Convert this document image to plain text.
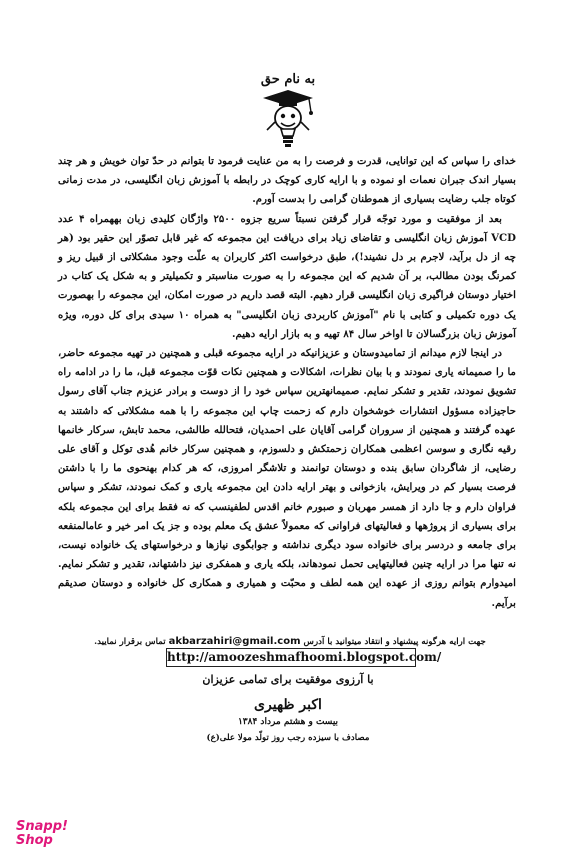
به نام حق

خدای را سپاس که این توانایی، قدرت و فرصت را به من عنایت فرمود تا بتوانم در حدّ توان خویش و هر چند بسیار اندک جبران نعمات او نموده و با ارایه کاری کوچک در رابطه با آموزش زبان انگلیسی، در مدت زمانی کوتاه جلب رضایت بسیاری از هموطنان گرامی را بدست آورم.

بعد از موفقیت و مورد توجّه قرار گرفتن نسبتاً سریع جزوه ۲۵۰۰ واژگان کلیدی زبان بههمراه ۴ عدد VCD آموزش زبان انگلیسی و تقاضای زیاد برای دریافت این مجموعه که غیر قابل تصوّر این حقیر بود (هر چه از دل برآید، لاجرم بر دل نشیند!)، طبق درخواست اکثر کاربران به علّت وجود مشکلاتی از قبیل ریز و کمرنگ بودن مطالب، بر آن شدیم که این مجموعه را به صورت مناسبتر و تکمیلیتر و به شکل یک کتاب در اختیار دوستان فراگیری زبان انگلیسی قرار دهیم. البته قصد داریم در صورت امکان، این مجموعه را بهصورت یک دوره تکمیلی و کتابی با نام "آموزش کاربردی زبان انگلیسی" به همراه ۱۰ سیدی برای کل دوره، ویژه آموزش زبان بزرگسالان تا اواخر سال ۸۴ تهیه و به بازار ارایه دهیم.

در اینجا لازم میدانم از تمامیدوستان و عزیزانیکه در ارایه مجموعه قبلی و همچنین در تهیه مجموعه حاضر، ما را صمیمانه یاری نمودند و با بیان نظرات، اشکالات و همچنین نکات قوّت مجموعه قبل، ما را در ادامه راه تشویق نمودند، تقدیر و تشکر نمایم. صمیمانهترین سپاس خود را از دوست و برادر عزیزم جناب آقای رسول حاجیزاده مسؤول انتشارات خوشخوان دارم که زحمت چاپ این مجموعه را با همه مشکلاتی که داشتند به عهده گرفتند و همچنین از سروران گرامی آقایان علی احمدیان، فتحالله طالشی، محمد تابش، سرکار خانمها رقیه نگاری و سوسن اعظمی همکاران زحمتکش و دلسوزم، و همچنین سرکار خانم هُدی توکل و آقای علی رضایی، از شاگردان سابق بنده و دوستان توانمند و تلاشگر امروزی، که هر کدام بهنحوی ما را با داشتن فرصت بسیار کم در ویرایش، بازخوانی و بهتر ارایه دادن این مجموعه یاری و کمک نمودند، تشکر و سپاس فراوان دارم و جا دارد از همسر مهربان و صبورم خانم اقدس لطفینسب که نه فقط برای این مجموعه بلکه برای بسیاری از پروژهها و فعالیتهای فراوانی که معمولاً عشق یک معلم بوده و جز یک امر خیر و عامالمنفعه برای جامعه و دردسر برای خانواده سود دیگری نداشته و جوابگوی نیازها و درخواستهای یک خانواده نیست، نه تنها مرا در ارایه چنین فعالیتهایی تحمل نمودهاند، بلکه یاری و همفکری نیز داشتهاند، تقدیر و تشکر نمایم. امیدوارم بتوانم روزی از عهده این همه لطف و محبّت و همیاری و همکاری کل خانواده و دوستان صدیقم برآیم.

جهت ارایه هرگونه پیشنهاد و انتقاد میتوانید با آدرس akbarzahiri@gmail.com تماس برقرار نمایید.
http://amoozeshmafhoomi.blogspot.com/
با آرزوی موفقیت برای تمامی عزیزان
اکبر ظهیری
بیست و هشتم مرداد ۱۳۸۴
مصادف با سیزده رجب روز تولّد مولا علی(ع)
Snapp!
Shop
